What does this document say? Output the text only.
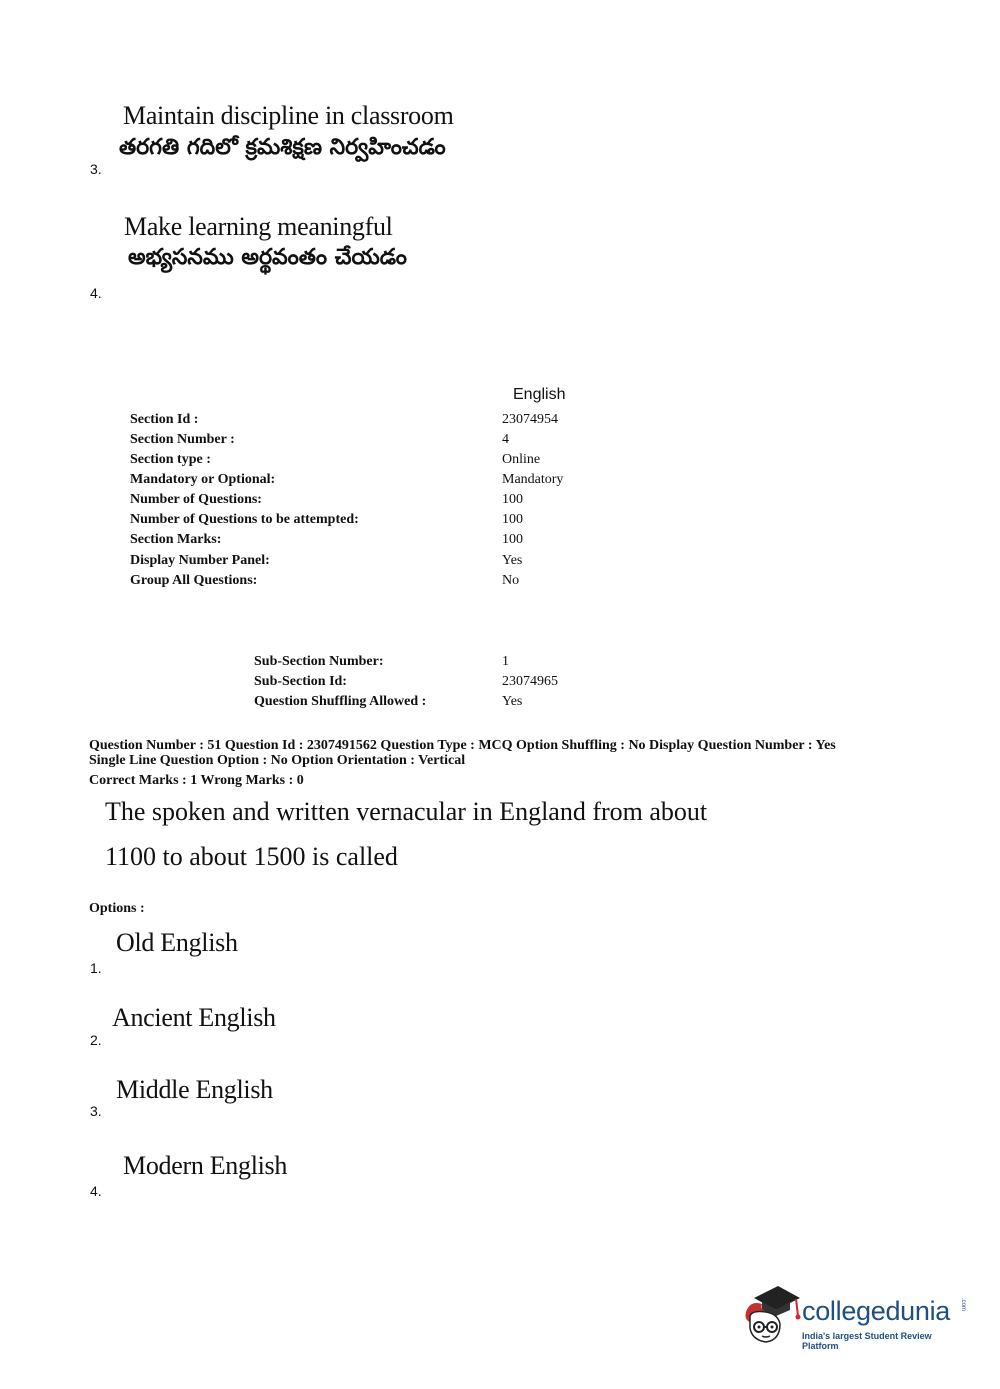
Maintain discipline in classroom
తరగతి గదిలో క్రమశిక్షణ నిర్వహించడం
3.
Make learning meaningful
అభ్యసనము అర్థవంతం చేయడం
4.
English
Section Id :	23074954
Section Number :	4
Section type :	Online
Mandatory or Optional:	Mandatory
Number of Questions:	100
Number of Questions to be attempted:	100
Section Marks:	100
Display Number Panel:	Yes
Group All Questions:	No
Sub-Section Number:	1
Sub-Section Id:	23074965
Question Shuffling Allowed :	Yes
Question Number : 51 Question Id : 2307491562 Question Type : MCQ Option Shuffling : No Display Question Number : Yes
Single Line Question Option : No Option Orientation : Vertical
Correct Marks : 1 Wrong Marks : 0
The spoken and written vernacular in England from about
1100 to about 1500 is called
Options :
Old English
1.
Ancient English
2.
Middle English
3.
Modern English
4.
collegedunia .com
India's largest Student Review Platform
